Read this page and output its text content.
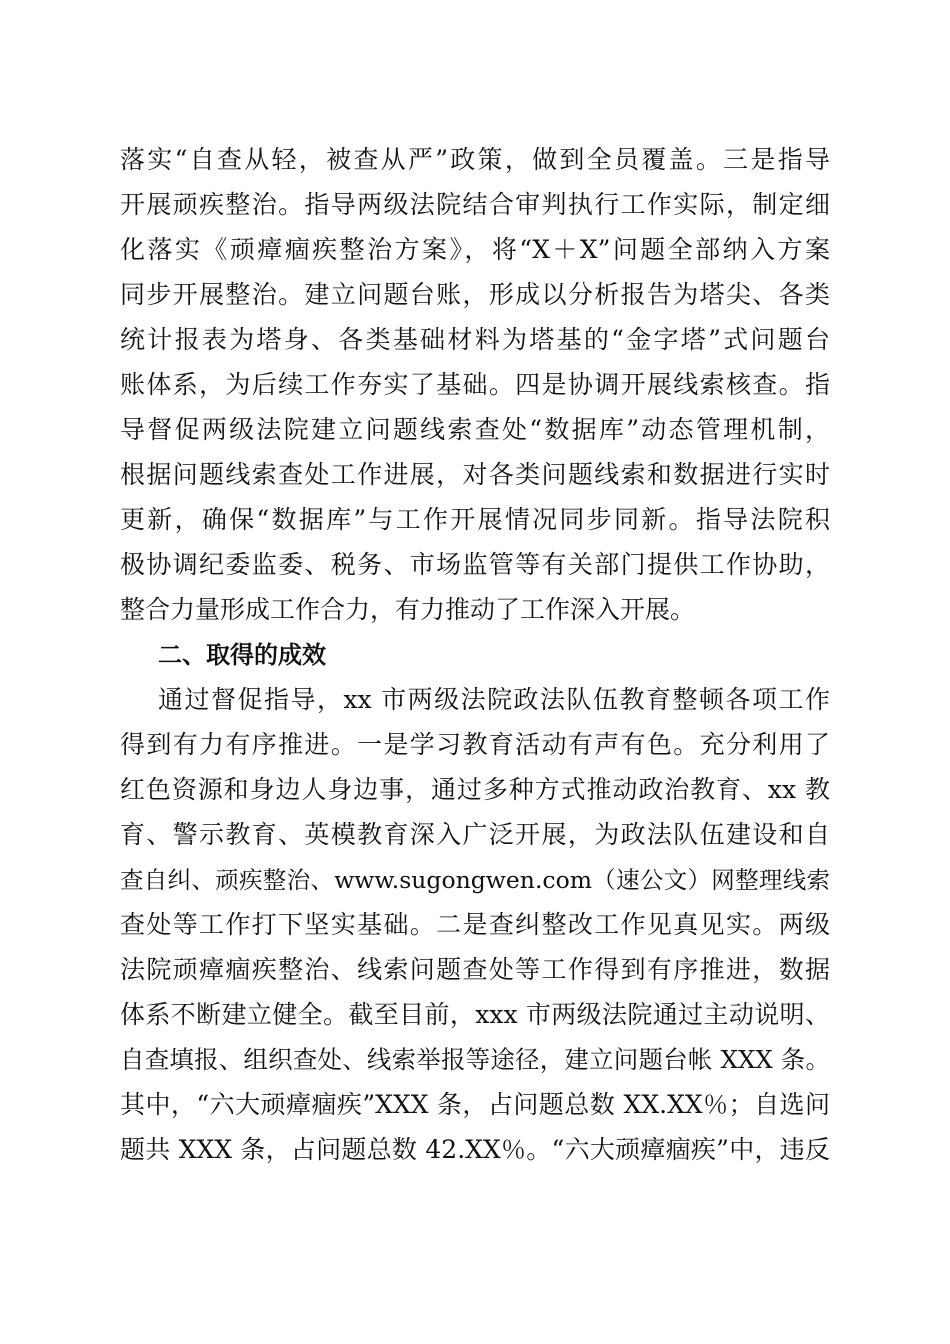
落实“自查从轻，被查从严”政策，做到全员覆盖。三是指导
开展顽疾整治。指导两级法院结合审判执行工作实际，制定细
化落实《顽瘴痼疾整治方案》，将“X＋X”问题全部纳入方案
同步开展整治。建立问题台账，形成以分析报告为塔尖、各类
统计报表为塔身、各类基础材料为塔基的“金字塔”式问题台
账体系，为后续工作夯实了基础。四是协调开展线索核查。指
导督促两级法院建立问题线索查处“数据库”动态管理机制，
根据问题线索查处工作进展，对各类问题线索和数据进行实时
更新，确保“数据库”与工作开展情况同步同新。指导法院积
极协调纪委监委、税务、市场监管等有关部门提供工作协助，
整合力量形成工作合力，有力推动了工作深入开展。
二、取得的成效
通过督促指导，xx 市两级法院政法队伍教育整顿各项工作
得到有力有序推进。一是学习教育活动有声有色。充分利用了
红色资源和身边人身边事，通过多种方式推动政治教育、xx 教
育、警示教育、英模教育深入广泛开展，为政法队伍建设和自
查自纠、顽疾整治、www.sugongwen.com（速公文）网整理线索
查处等工作打下坚实基础。二是查纠整改工作见真见实。两级
法院顽瘴痼疾整治、线索问题查处等工作得到有序推进，数据
体系不断建立健全。截至目前，xxx 市两级法院通过主动说明、
自查填报、组织查处、线索举报等途径，建立问题台帐 XXX 条。
其中，“六大顽瘴痼疾”XXX 条，占问题总数 XX.XX％；自选问
题共 XXX 条，占问题总数 42.XX％。“六大顽瘴痼疾”中，违反
